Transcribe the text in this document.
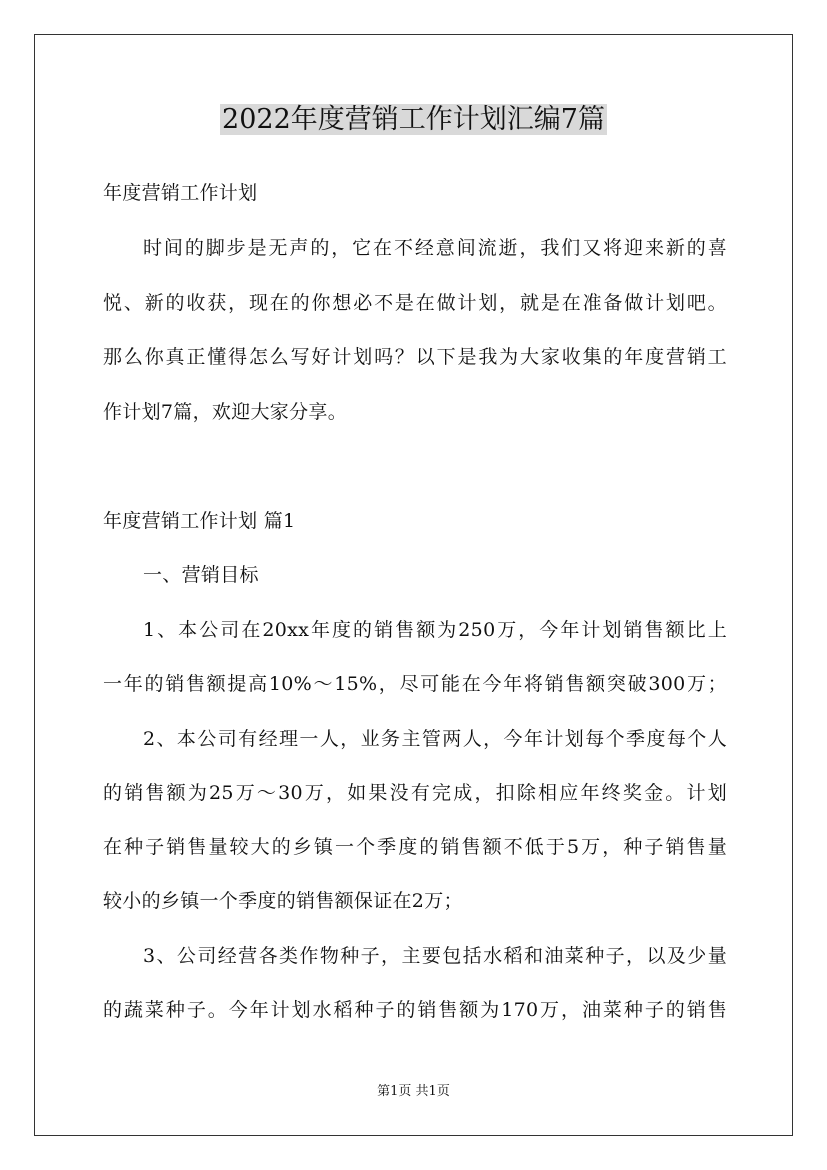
2022年度营销工作计划汇编7篇
年度营销工作计划
时间的脚步是无声的，它在不经意间流逝，我们又将迎来新的喜
悦、新的收获，现在的你想必不是在做计划，就是在准备做计划吧。
那么你真正懂得怎么写好计划吗？以下是我为大家收集的年度营销工
作计划7篇，欢迎大家分享。
年度营销工作计划 篇1
一、营销目标
1、本公司在20xx年度的销售额为250万，今年计划销售额比上
一年的销售额提高10%～15%，尽可能在今年将销售额突破300万；
2、本公司有经理一人，业务主管两人，今年计划每个季度每个人
的销售额为25万～30万，如果没有完成，扣除相应年终奖金。计划
在种子销售量较大的乡镇一个季度的销售额不低于5万，种子销售量
较小的乡镇一个季度的销售额保证在2万；
3、公司经营各类作物种子，主要包括水稻和油菜种子，以及少量
的蔬菜种子。今年计划水稻种子的销售额为170万，油菜种子的销售
第1页 共1页
